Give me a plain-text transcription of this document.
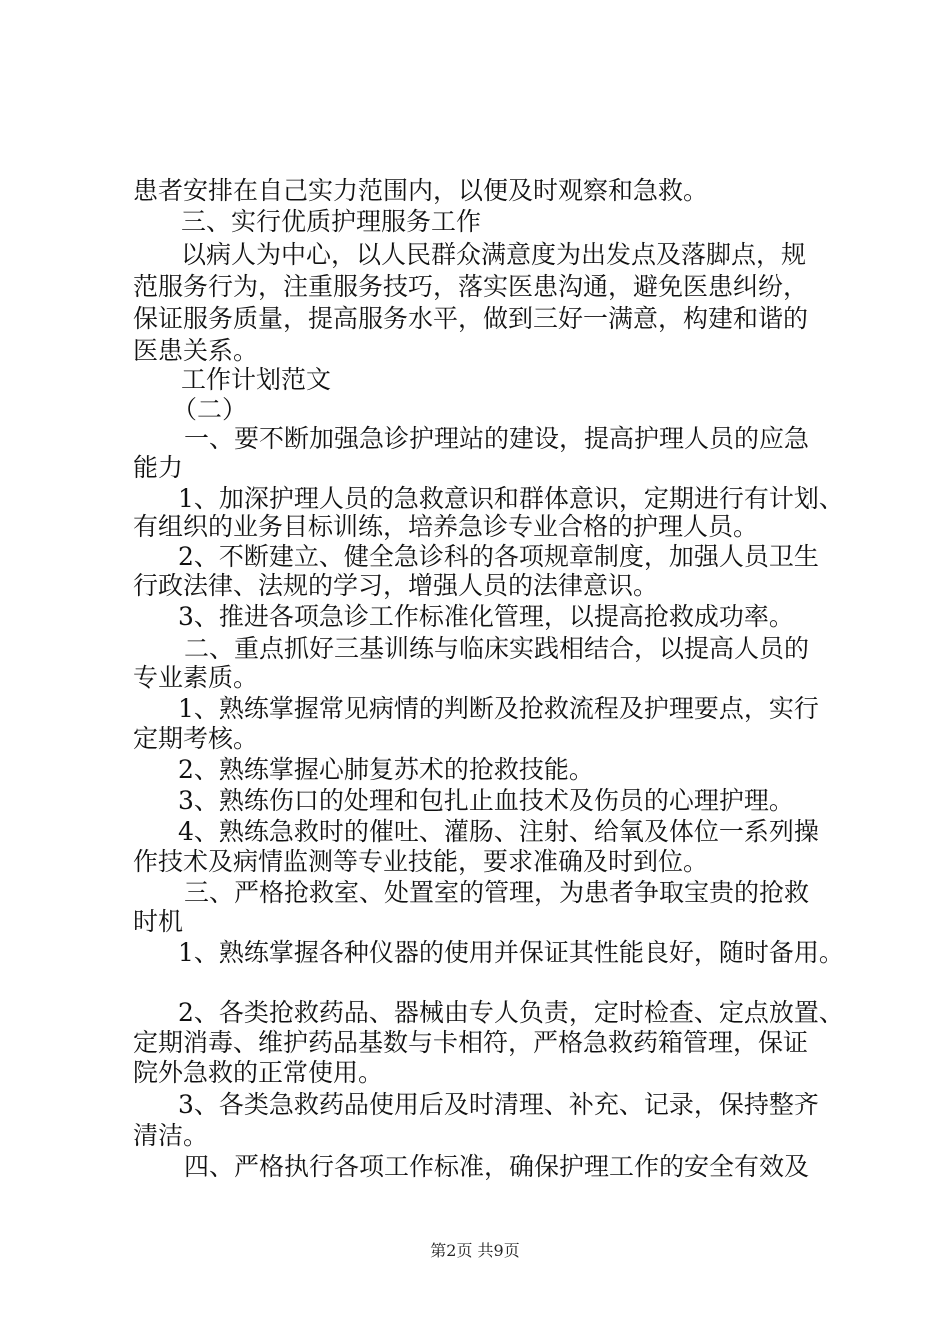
患者安排在自己实力范围内，以便及时观察和急救。
三、实行优质护理服务工作
以病人为中心，以人民群众满意度为出发点及落脚点，规
范服务行为，注重服务技巧，落实医患沟通，避免医患纠纷，
保证服务质量，提高服务水平，做到三好一满意，构建和谐的
医患关系。
工作计划范文
（二）
一、要不断加强急诊护理站的建设，提高护理人员的应急
能力
1、加深护理人员的急救意识和群体意识，定期进行有计划、
有组织的业务目标训练，培养急诊专业合格的护理人员。
2、不断建立、健全急诊科的各项规章制度，加强人员卫生
行政法律、法规的学习，增强人员的法律意识。
3、推进各项急诊工作标准化管理，以提高抢救成功率。
二、重点抓好三基训练与临床实践相结合，以提高人员的
专业素质。
1、熟练掌握常见病情的判断及抢救流程及护理要点，实行
定期考核。
2、熟练掌握心肺复苏术的抢救技能。
3、熟练伤口的处理和包扎止血技术及伤员的心理护理。
4、熟练急救时的催吐、灌肠、注射、给氧及体位一系列操
作技术及病情监测等专业技能，要求准确及时到位。
三、严格抢救室、处置室的管理，为患者争取宝贵的抢救
时机
1、熟练掌握各种仪器的使用并保证其性能良好，随时备用。
2、各类抢救药品、器械由专人负责，定时检查、定点放置、
定期消毒、维护药品基数与卡相符，严格急救药箱管理，保证
院外急救的正常使用。
3、各类急救药品使用后及时清理、补充、记录，保持整齐
清洁。
四、严格执行各项工作标准，确保护理工作的安全有效及
第2页 共9页
